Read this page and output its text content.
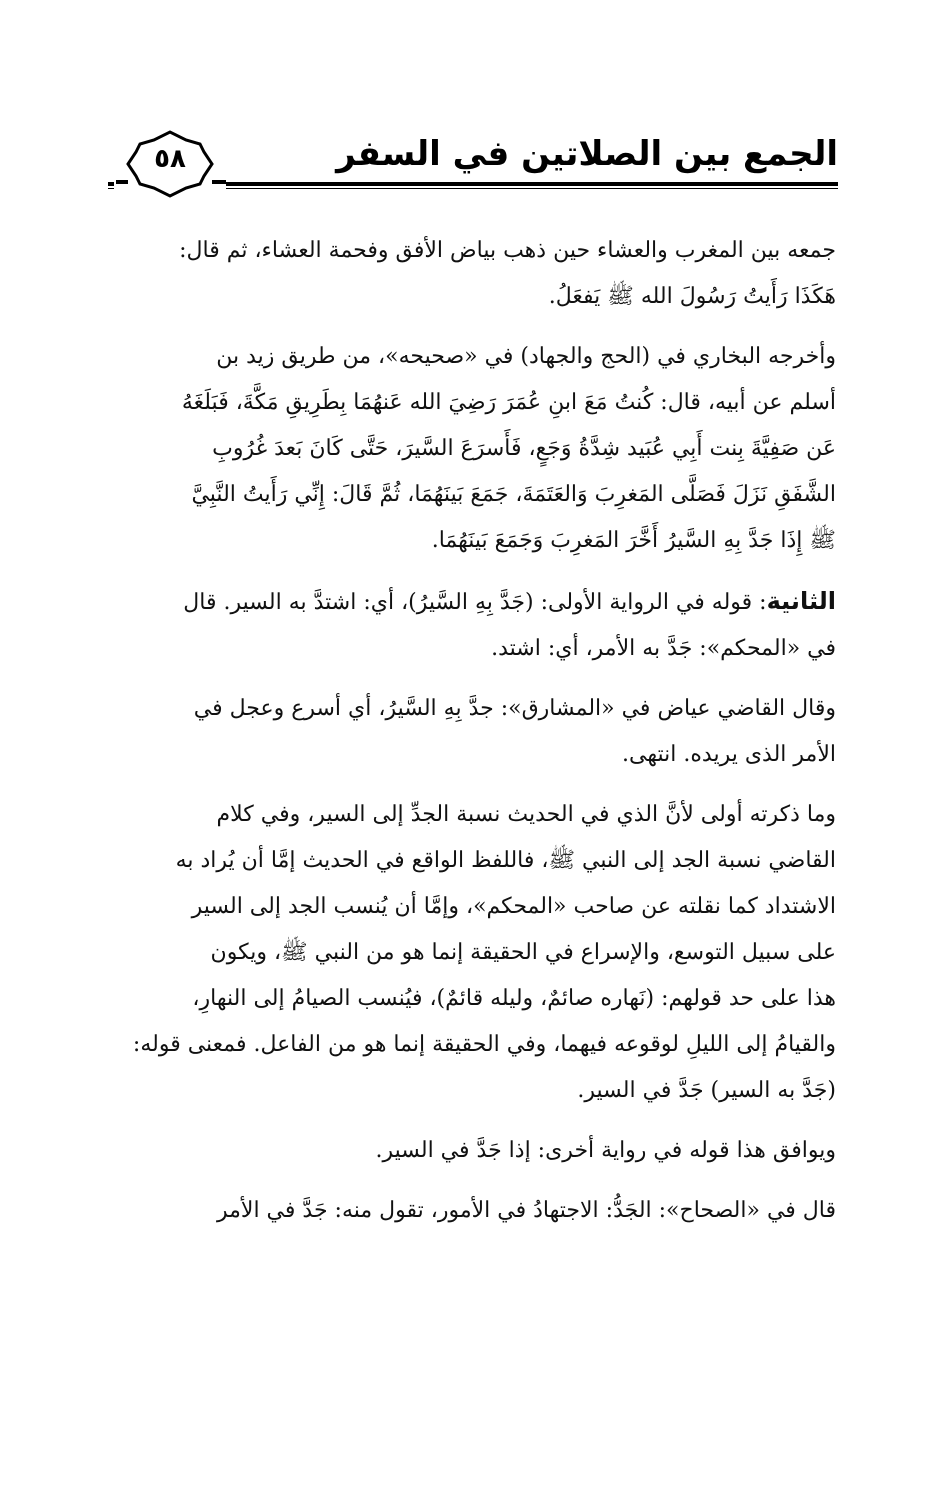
الجمع بين الصلاتين في السفر
٥٨
جمعه بين المغرب والعشاء حين ذهب بياض الأفق وفحمة العشاء، ثم قال:
هَكَذَا رَأَيتُ رَسُولَ الله ﷺ يَفعَلُ.
وأخرجه البخاري في (الحج والجهاد) في «صحيحه»، من طريق زيد بن
أسلم عن أبيه، قال: كُنتُ مَعَ ابنِ عُمَرَ رَضِيَ الله عَنهُمَا بِطَرِيقِ مَكَّةَ، فَبَلَغَهُ
عَن صَفِيَّةَ بِنت أَبِي عُبَيد شِدَّةُ وَجَعٍ، فَأَسرَعَ السَّيرَ، حَتَّى كَانَ بَعدَ غُرُوبِ
الشَّفَقِ نَزَلَ فَصَلَّى المَغرِبَ وَالعَتَمَةَ، جَمَعَ بَينَهُمَا، ثُمَّ قَالَ: إِنِّي رَأَيتُ النَّبِيَّ
ﷺ إِذَا جَدَّ بِهِ السَّيرُ أَخَّرَ المَغرِبَ وَجَمَعَ بَينَهُمَا.
الثانية: قوله في الرواية الأولى: (جَدَّ بِهِ السَّيرُ)، أي: اشتدَّ به السير. قال
في «المحكم»: جَدَّ به الأمر، أي: اشتد.
وقال القاضي عياض في «المشارق»: جدَّ بِهِ السَّيرُ، أي أسرع وعجل في
الأمر الذى يريده. انتهى.
وما ذكرته أولى لأنَّ الذي في الحديث نسبة الجدِّ إلى السير، وفي كلام
القاضي نسبة الجد إلى النبي ﷺ، فاللفظ الواقع في الحديث إمَّا أن يُراد به
الاشتداد كما نقلته عن صاحب «المحكم»، وإمَّا أن يُنسب الجد إلى السير
على سبيل التوسع، والإسراع في الحقيقة إنما هو من النبي ﷺ، ويكون
هذا على حد قولهم: (نَهاره صائمٌ، وليله قائمٌ)، فيُنسب الصيامُ إلى النهارِ،
والقيامُ إلى الليلِ لوقوعه فيهما، وفي الحقيقة إنما هو من الفاعل. فمعنى قوله:
(جَدَّ به السير) جَدَّ في السير.
ويوافق هذا قوله في رواية أخرى: إذا جَدَّ في السير.
قال في «الصحاح»: الجَدُّ: الاجتهادُ في الأمور، تقول منه: جَدَّ في الأمر
